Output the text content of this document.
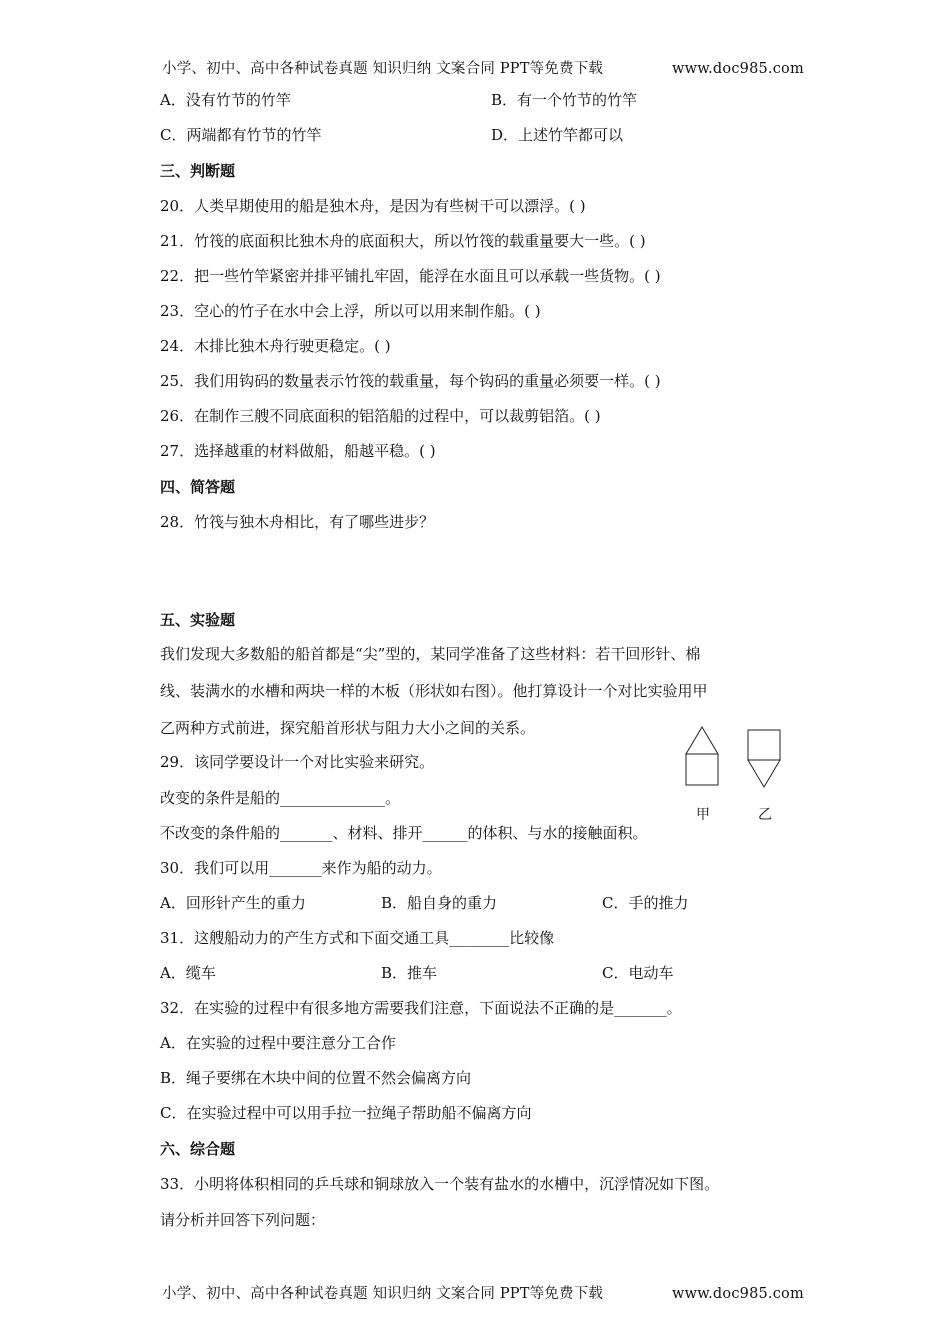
小学、初中、高中各种试卷真题 知识归纳 文案合同 PPT等免费下载	www.doc985.com
A．没有竹节的竹竿	B．有一个竹节的竹竿
C．两端都有竹节的竹竿	D．上述竹竿都可以
三、判断题
20．人类早期使用的船是独木舟，是因为有些树干可以漂浮。( )
21．竹筏的底面积比独木舟的底面积大，所以竹筏的载重量要大一些。( )
22．把一些竹竿紧密并排平铺扎牢固，能浮在水面且可以承载一些货物。( )
23．空心的竹子在水中会上浮，所以可以用来制作船。( )
24．木排比独木舟行驶更稳定。( )
25．我们用钩码的数量表示竹筏的载重量，每个钩码的重量必须要一样。( )
26．在制作三艘不同底面积的铝箔船的过程中，可以裁剪铝箔。( )
27．选择越重的材料做船，船越平稳。( )
四、简答题
28．竹筏与独木舟相比，有了哪些进步？
五、实验题
我们发现大多数船的船首都是“尖”型的，某同学准备了这些材料：若干回形针、棉
线、装满水的水槽和两块一样的木板（形状如右图）。他打算设计一个对比实验用甲
乙两种方式前进，探究船首形状与阻力大小之间的关系。
29．该同学要设计一个对比实验来研究。
改变的条件是船的______________。
不改变的条件船的_______、材料、排开______的体积、与水的接触面积。
甲	乙
30．我们可以用_______来作为船的动力。
A．回形针产生的重力	B．船自身的重力	C．手的推力
31．这艘船动力的产生方式和下面交通工具________比较像
A．缆车	B．推车	C．电动车
32．在实验的过程中有很多地方需要我们注意，下面说法不正确的是_______。
A．在实验的过程中要注意分工合作
B．绳子要绑在木块中间的位置不然会偏离方向
C．在实验过程中可以用手拉一拉绳子帮助船不偏离方向
六、综合题
33．小明将体积相同的乒乓球和铜球放入一个装有盐水的水槽中，沉浮情况如下图。
请分析并回答下列问题：
小学、初中、高中各种试卷真题 知识归纳 文案合同 PPT等免费下载	www.doc985.com
